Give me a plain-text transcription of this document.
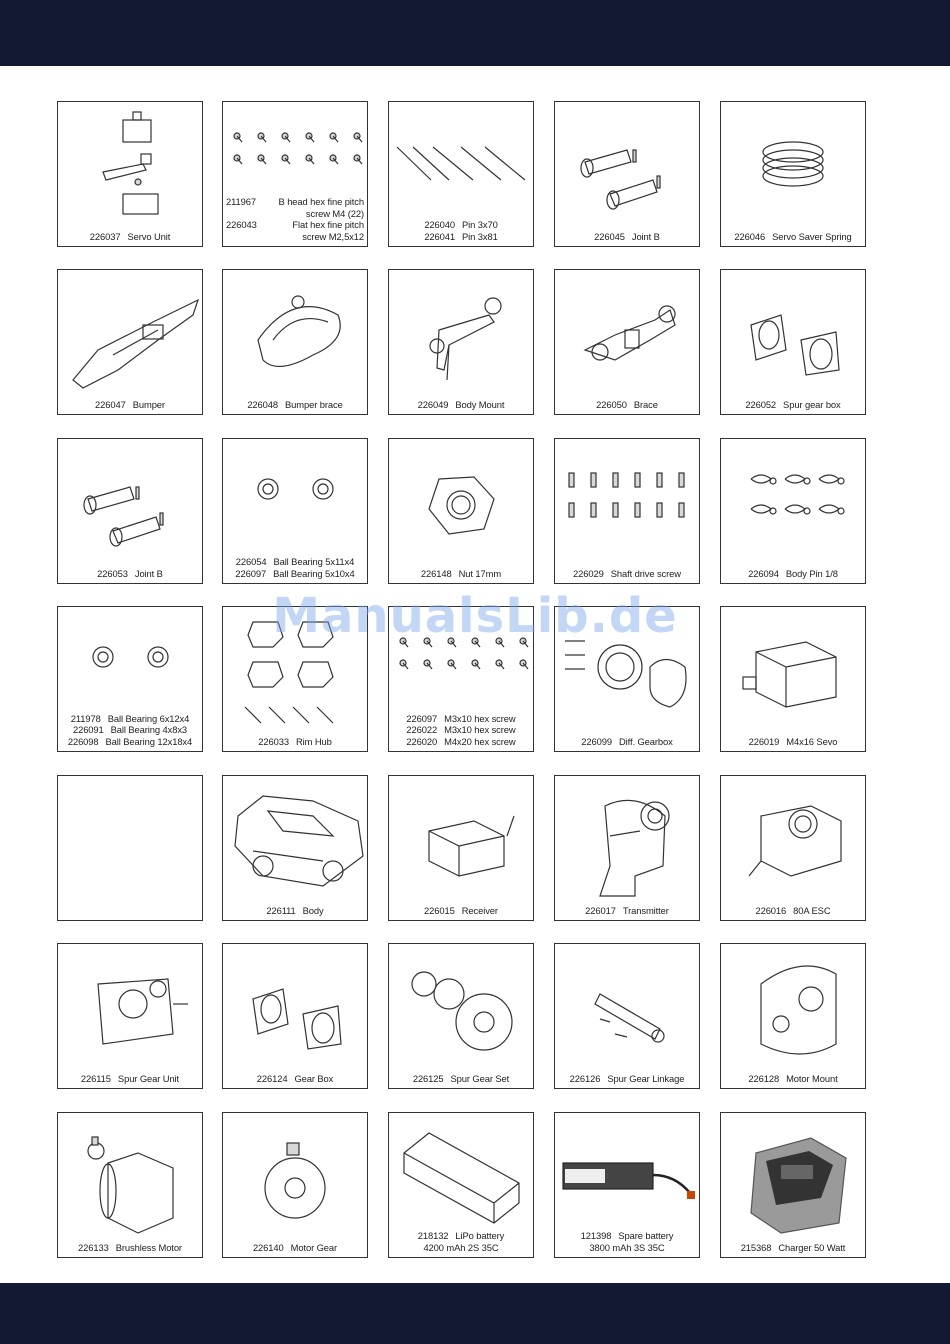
226037 Servo Unit
211967 B head hex fine pitch
screw M4 (22)
226043	Flat hex fine pitch
screw M2,5x12
226040 Pin 3x70
226041 Pin 3x81	226045 Joint B	226046 Servo Saver Spring
226047 Bumper	226048 Bumper brace	226049 Body Mount	226050 Brace	226052 Spur gear box
226053 Joint B
226054 Ball Bearing 5x11x4
226097 Ball Bearing 5x10x4	226148 Nut 17mm	226029 Shaft drive screw	226094 Body Pin 1/8
211978 Ball Bearing 6x12x4
226091 Ball Bearing 4x8x3
226098 Ball Bearing 12x18x4	226033 Rim Hub
226097 M3x10 hex screw
226022 M3x10 hex screw
226020 M4x20 hex screw	226099 Diff. Gearbox	226019 M4x16 Sevo
226111 Body	226015 Receiver	226017 Transmitter	226016 80A ESC
226115 Spur Gear Unit	226124 Gear Box	226125 Spur Gear Set	226126 Spur Gear Linkage	226128 Motor Mount
226133 Brushless Motor	226140 Motor Gear
218132 LiPo battery
4200 mAh 2S 35C
121398 Spare battery
3800 mAh 3S 35C	215368 Charger 50 Watt
ManualsLib.de
